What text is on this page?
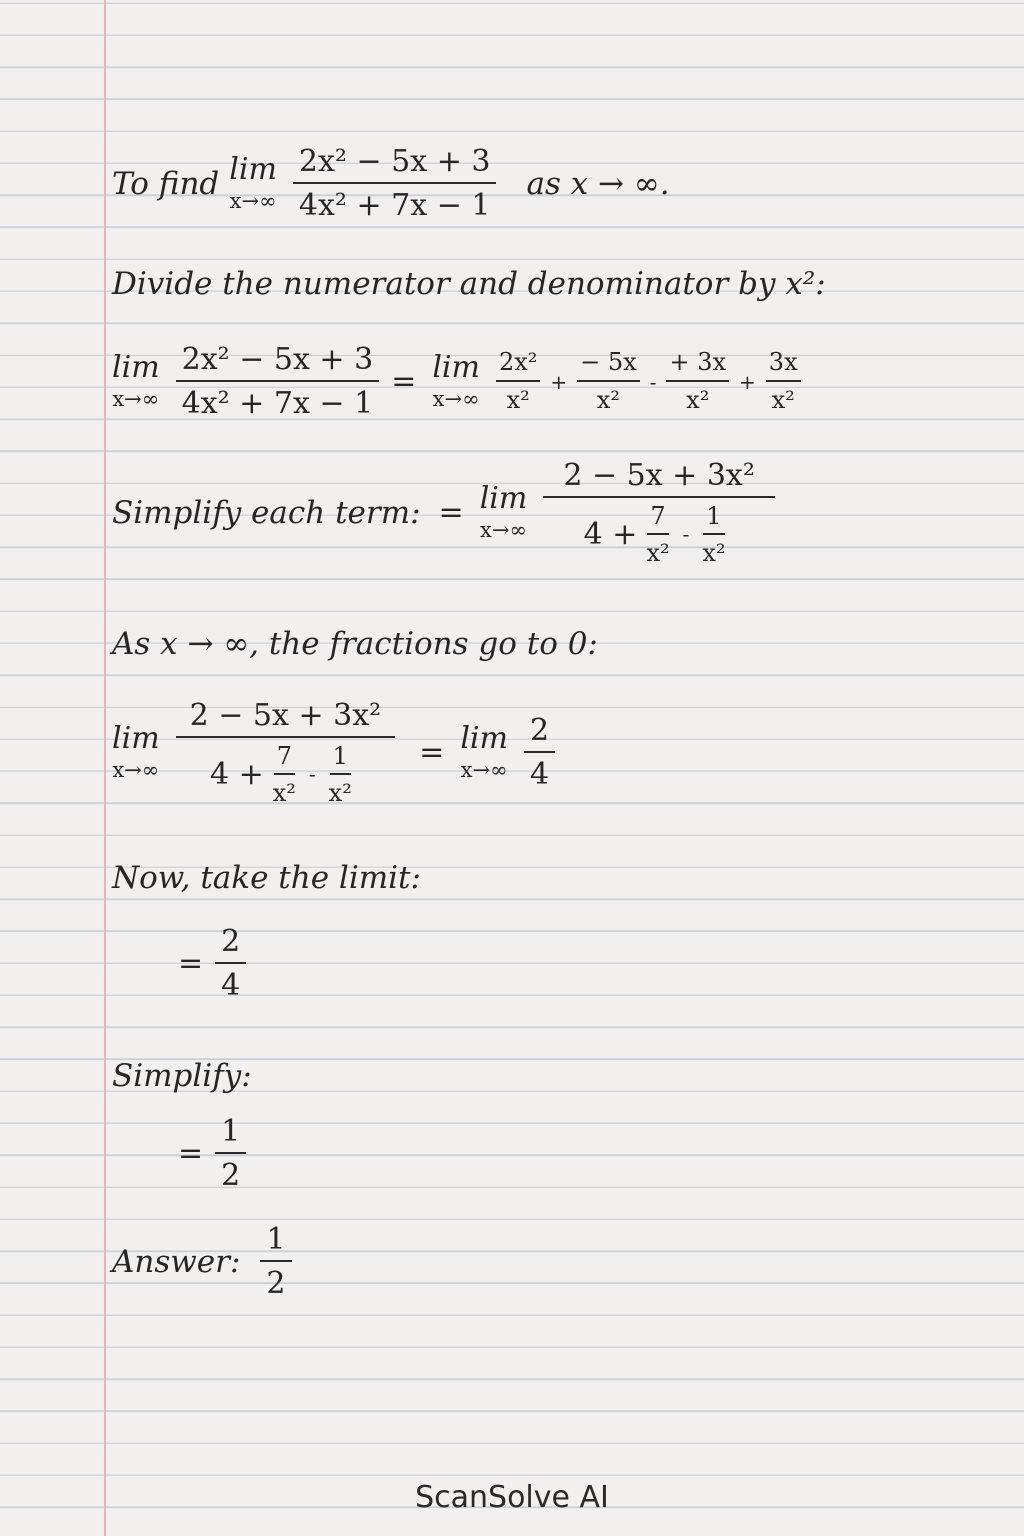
To find lim
$x\to\infty \frac{\text{2x² − 5x + 3}}{\text{4x² + 7x − 1}}$ as x → ∞.
Divide the numerator and denominator by x²:
lim
$x\to\infty \frac{\text{2x² − 5x + 3}}{\text{4x² + 7x − 1}} = \lim$
$x\to\infty \frac{\text{2x²}}{\text{x²}} + \frac{- 5x}{\text{x²}} - \frac{+ 3x}{\text{x²}} + \frac{3x}{\text{x²}}$
Simplify each term: = lim
x→∞
2 − 5x + 3x²
$4 + \frac{7}{\text{x²}} - \frac{1}{\text{x²}}$
As x → ∞, the fractions go to 0:
lim
x→∞
2 − 5x + 3x²
$4 + \frac{7}{\text{x²}} - \frac{1}{\text{x²}} = \lim$
$x\to\infty \frac{2}{4}$
Now, take the limit:
= $\frac{2}{4}$
Simplify:
= $\frac{1}{2}$
Answer: $\frac{1}{2}$
ScanSolve AI
